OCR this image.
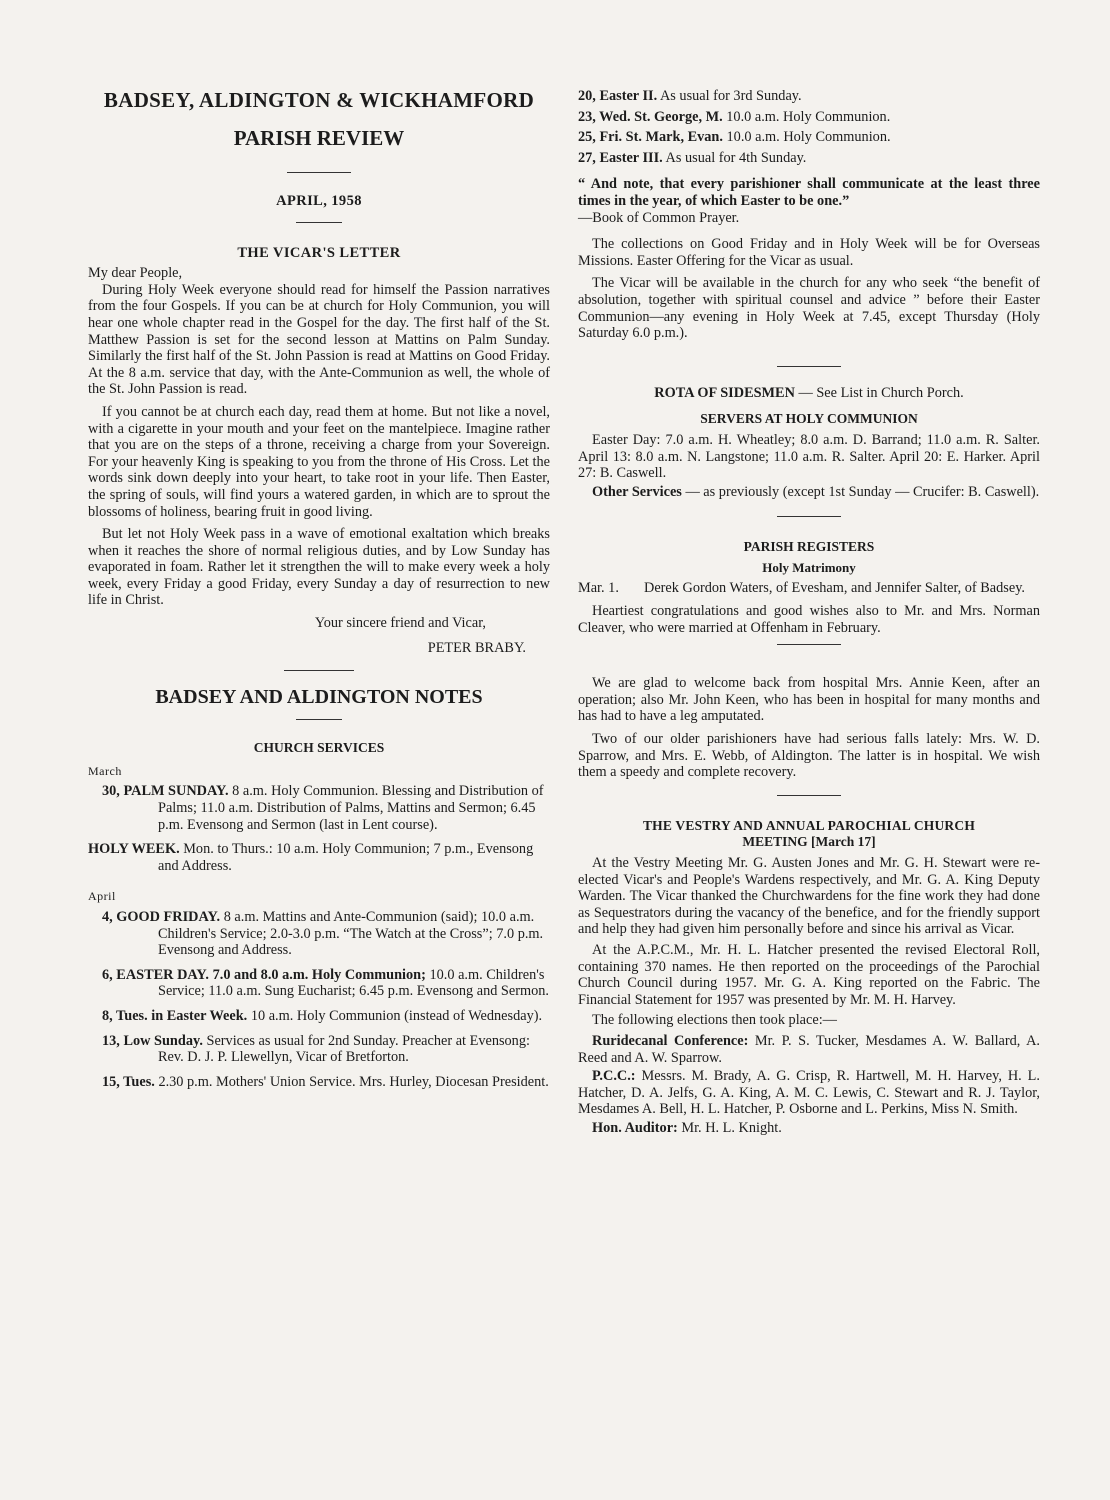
BADSEY, ALDINGTON & WICKHAMFORD
PARISH REVIEW
APRIL, 1958
THE VICAR'S LETTER

My dear People,

During Holy Week everyone should read for himself the Passion narratives from the four Gospels. If you can be at church for Holy Communion, you will hear one whole chapter read in the Gospel for the day. The first half of the St. Matthew Passion is set for the second lesson at Mattins on Palm Sunday. Similarly the first half of the St. John Passion is read at Mattins on Good Friday. At the 8 a.m. service that day, with the Ante-Communion as well, the whole of the St. John Passion is read.

If you cannot be at church each day, read them at home. But not like a novel, with a cigarette in your mouth and your feet on the mantelpiece. Imagine rather that you are on the steps of a throne, receiving a charge from your Sovereign. For your heavenly King is speaking to you from the throne of His Cross. Let the words sink down deeply into your heart, to take root in your life. Then Easter, the spring of souls, will find yours a watered garden, in which are to sprout the blossoms of holiness, bearing fruit in good living.

But let not Holy Week pass in a wave of emotional exaltation which breaks when it reaches the shore of normal religious duties, and by Low Sunday has evaporated in foam. Rather let it strengthen the will to make every week a holy week, every Friday a good Friday, every Sunday a day of resurrection to new life in Christ.

Your sincere friend and Vicar,
PETER BRABY.
BADSEY AND ALDINGTON NOTES
CHURCH SERVICES
March
30, PALM SUNDAY. 8 a.m. Holy Communion. Blessing and Distribution of Palms; 11.0 a.m. Distribution of Palms, Mattins and Sermon; 6.45 p.m. Evensong and Sermon (last in Lent course).
HOLY WEEK. Mon. to Thurs.: 10 a.m. Holy Communion; 7 p.m., Evensong and Address.
April
4, GOOD FRIDAY. 8 a.m. Mattins and Ante-Communion (said); 10.0 a.m. Children's Service; 2.0-3.0 p.m. “The Watch at the Cross”; 7.0 p.m. Evensong and Address.
6, EASTER DAY. 7.0 and 8.0 a.m. Holy Communion; 10.0 a.m. Children's Service; 11.0 a.m. Sung Eucharist; 6.45 p.m. Evensong and Sermon.
8, Tues. in Easter Week. 10 a.m. Holy Communion (instead of Wednesday).
13, Low Sunday. Services as usual for 2nd Sunday. Preacher at Evensong: Rev. D. J. P. Llewellyn, Vicar of Bretforton.
15, Tues. 2.30 p.m. Mothers' Union Service. Mrs. Hurley, Diocesan President.
20, Easter II. As usual for 3rd Sunday.
23, Wed. St. George, M. 10.0 a.m. Holy Communion.
25, Fri. St. Mark, Evan. 10.0 a.m. Holy Communion.
27, Easter III. As usual for 4th Sunday.

“ And note, that every parishioner shall communicate at the least three times in the year, of which Easter to be one.”

—Book of Common Prayer.

The collections on Good Friday and in Holy Week will be for Overseas Missions. Easter Offering for the Vicar as usual.

The Vicar will be available in the church for any who seek “the benefit of absolution, together with spiritual counsel and advice ” before their Easter Communion—any evening in Holy Week at 7.45, except Thursday (Holy Saturday 6.0 p.m.).

ROTA OF SIDESMEN — See List in Church Porch.

SERVERS AT HOLY COMMUNION

Easter Day: 7.0 a.m. H. Wheatley; 8.0 a.m. D. Barrand; 11.0 a.m. R. Salter. April 13: 8.0 a.m. N. Langstone; 11.0 a.m. R. Salter. April 20: E. Harker. April 27: B. Caswell.

Other Services — as previously (except 1st Sunday — Crucifer: B. Caswell).

PARISH REGISTERS
Holy Matrimony
Mar. 1.	Derek Gordon Waters, of Evesham, and Jennifer Salter, of Badsey.

Heartiest congratulations and good wishes also to Mr. and Mrs. Norman Cleaver, who were married at Offenham in February.

We are glad to welcome back from hospital Mrs. Annie Keen, after an operation; also Mr. John Keen, who has been in hospital for many months and has had to have a leg amputated.

Two of our older parishioners have had serious falls lately: Mrs. W. D. Sparrow, and Mrs. E. Webb, of Aldington. The latter is in hospital. We wish them a speedy and complete recovery.

THE VESTRY AND ANNUAL PAROCHIAL CHURCH
MEETING [March 17]

At the Vestry Meeting Mr. G. Austen Jones and Mr. G. H. Stewart were re-elected Vicar's and People's Wardens respectively, and Mr. G. A. King Deputy Warden. The Vicar thanked the Churchwardens for the fine work they had done as Sequestrators during the vacancy of the benefice, and for the friendly support and help they had given him personally before and since his arrival as Vicar.

At the A.P.C.M., Mr. H. L. Hatcher presented the revised Electoral Roll, containing 370 names. He then reported on the proceedings of the Parochial Church Council during 1957. Mr. G. A. King reported on the Fabric. The Financial Statement for 1957 was presented by Mr. M. H. Harvey.

The following elections then took place:—

Ruridecanal Conference: Mr. P. S. Tucker, Mesdames A. W. Ballard, A. Reed and A. W. Sparrow.

P.C.C.: Messrs. M. Brady, A. G. Crisp, R. Hartwell, M. H. Harvey, H. L. Hatcher, D. A. Jelfs, G. A. King, A. M. C. Lewis, C. Stewart and R. J. Taylor, Mesdames A. Bell, H. L. Hatcher, P. Osborne and L. Perkins, Miss N. Smith.

Hon. Auditor: Mr. H. L. Knight.
